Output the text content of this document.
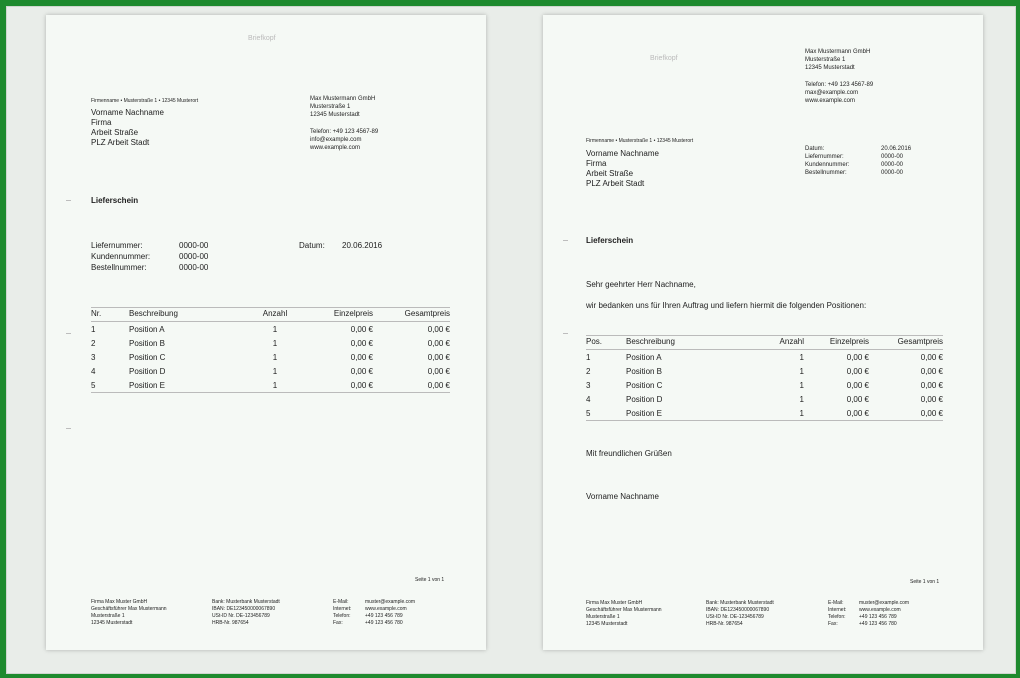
Briefkopf
Firmenname • Musterstraße 1 • 12345 Musterort
Vorname Nachname
Firma
Arbeit Straße
PLZ Arbeit Stadt
Max Mustermann GmbH
Musterstraße 1
12345 Musterstadt
Telefon: +49 123 4567-89
info@example.com
www.example.com
Lieferschein
Liefernummer:	0000-00
Kundennummer:	0000-00
Bestellnummer:	0000-00
Datum: 20.06.2016
Nr.	Beschreibung	Anzahl	Einzelpreis	Gesamtpreis
1	Position A	1	0,00 €	0,00 €
2	Position B	1	0,00 €	0,00 €
3	Position C	1	0,00 €	0,00 €
4	Position D	1	0,00 €	0,00 €
5	Position E	1	0,00 €	0,00 €
Seite 1 von 1
Firma Max Muster GmbH
Geschäftsführer Max Mustermann
Musterstraße 1
12345 Musterstadt
Bank: Musterbank Musterstadt
IBAN: DE123450000067890
USt-ID Nr. DE-123456789
HRB-Nr. 987654
E-Mail:	muster@example.com
Internet:	www.example.com
Telefon:	+49 123 456 789
Fax:	+49 123 456 780
Briefkopf
Max Mustermann GmbH
Musterstraße 1
12345 Musterstadt
Telefon: +49 123 4567-89
max@example.com
www.example.com
Firmenname • Musterstraße 1 • 12345 Musterort
Vorname Nachname
Firma
Arbeit Straße
PLZ Arbeit Stadt
Datum:	20.06.2016
Liefernummer:	0000-00
Kundennummer:	0000-00
Bestellnummer:	0000-00
Lieferschein
Sehr geehrter Herr Nachname,
wir bedanken uns für Ihren Auftrag und liefern hiermit die folgenden Positionen:
Pos.	Beschreibung	Anzahl	Einzelpreis	Gesamtpreis
1	Position A	1	0,00 €	0,00 €
2	Position B	1	0,00 €	0,00 €
3	Position C	1	0,00 €	0,00 €
4	Position D	1	0,00 €	0,00 €
5	Position E	1	0,00 €	0,00 €
Mit freundlichen Grüßen
Vorname Nachname
Seite 1 von 1
Firma Max Muster GmbH
Geschäftsführer Max Mustermann
Musterstraße 1
12345 Musterstadt
Bank: Musterbank Musterstadt
IBAN: DE123450000067890
USt-ID Nr. DE-123456789
HRB-Nr. 987654
E-Mail:	muster@example.com
Internet:	www.example.com
Telefon:	+49 123 456 789
Fax:	+49 123 456 780
